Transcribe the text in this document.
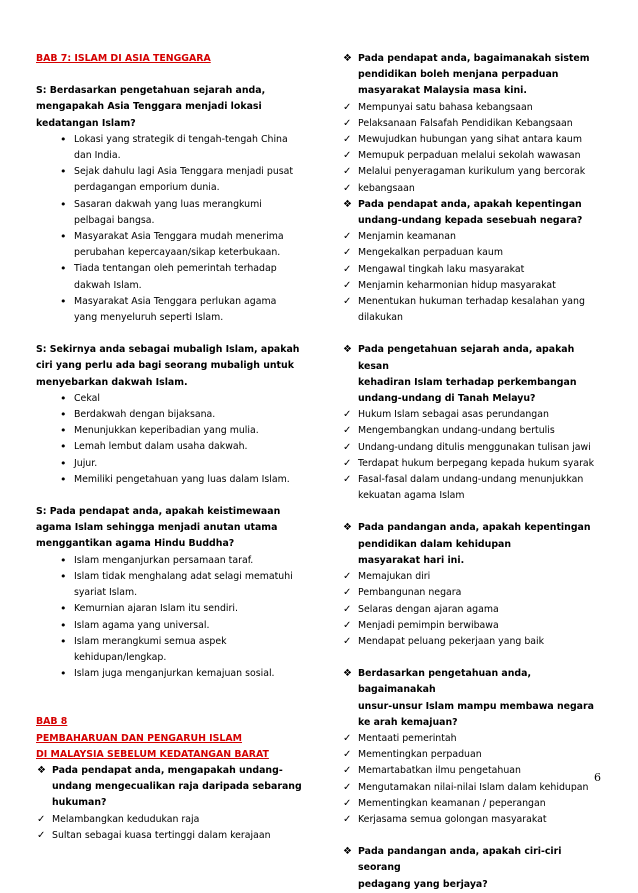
BAB 7: ISLAM DI ASIA TENGGARA
S: Berdasarkan pengetahuan sejarah anda,
mengapakah Asia Tenggara menjadi lokasi
kedatangan Islam?
• Lokasi yang strategik di tengah-tengah China
dan India.
• Sejak dahulu lagi Asia Tenggara menjadi pusat
perdagangan emporium dunia.
• Sasaran dakwah yang luas merangkumi
pelbagai bangsa.
• Masyarakat Asia Tenggara mudah menerima
perubahan kepercayaan/sikap keterbukaan.
• Tiada tentangan oleh pemerintah terhadap
dakwah Islam.
• Masyarakat Asia Tenggara perlukan agama
yang menyeluruh seperti Islam.
S: Sekirnya anda sebagai mubaligh Islam, apakah
ciri yang perlu ada bagi seorang mubaligh untuk
menyebarkan dakwah Islam.
• Cekal
• Berdakwah dengan bijaksana.
• Menunjukkan keperibadian yang mulia.
• Lemah lembut dalam usaha dakwah.
• Jujur.
• Memiliki pengetahuan yang luas dalam Islam.
S: Pada pendapat anda, apakah keistimewaan
agama Islam sehingga menjadi anutan utama
menggantikan agama Hindu Buddha?
• Islam menganjurkan persamaan taraf.
• Islam tidak menghalang adat selagi mematuhi
syariat Islam.
• Kemurnian ajaran Islam itu sendiri.
• Islam agama yang universal.
• Islam merangkumi semua aspek
kehidupan/lengkap.
• Islam juga menganjurkan kemajuan sosial.
BAB 8
PEMBAHARUAN DAN PENGARUH ISLAM
DI MALAYSIA SEBELUM KEDATANGAN BARAT
❖ Pada pendapat anda, mengapakah undang-
undang mengecualikan raja daripada sebarang
hukuman?
✓ Melambangkan kedudukan raja
✓ Sultan sebagai kuasa tertinggi dalam kerajaan
❖ Pada pendapat anda, bagaimanakah sistem
pendidikan boleh menjana perpaduan
masyarakat Malaysia masa kini.
✓ Mempunyai satu bahasa kebangsaan
✓ Pelaksanaan Falsafah Pendidikan Kebangsaan
✓ Mewujudkan hubungan yang sihat antara kaum
✓ Memupuk perpaduan melalui sekolah wawasan
✓ Melalui penyeragaman kurikulum yang bercorak
✓ kebangsaan
❖ Pada pendapat anda, apakah kepentingan
undang-undang kepada sesebuah negara?
✓ Menjamin keamanan
✓ Mengekalkan perpaduan kaum
✓ Mengawal tingkah laku masyarakat
✓ Menjamin keharmonian hidup masyarakat
✓ Menentukan hukuman terhadap kesalahan yang
dilakukan
❖ Pada pengetahuan sejarah anda, apakah kesan
kehadiran Islam terhadap perkembangan
undang-undang di Tanah Melayu?
✓ Hukum Islam sebagai asas perundangan
✓ Mengembangkan undang-undang bertulis
✓ Undang-undang ditulis menggunakan tulisan jawi
✓ Terdapat hukum berpegang kepada hukum syarak
✓ Fasal-fasal dalam undang-undang menunjukkan
kekuatan agama Islam
❖ Pada pandangan anda, apakah kepentingan
pendidikan dalam kehidupan
masyarakat hari ini.
✓ Memajukan diri
✓ Pembangunan negara
✓ Selaras dengan ajaran agama
✓ Menjadi pemimpin berwibawa
✓ Mendapat peluang pekerjaan yang baik
❖ Berdasarkan pengetahuan anda, bagaimanakah
unsur-unsur Islam mampu membawa negara
ke arah kemajuan?
✓ Mentaati pemerintah
✓ Mementingkan perpaduan
✓ Memartabatkan ilmu pengetahuan
✓ Mengutamakan nilai-nilai Islam dalam kehidupan
✓ Mementingkan keamanan / peperangan
✓ Kerjasama semua golongan masyarakat
❖ Pada pandangan anda, apakah ciri-ciri seorang
pedagang yang berjaya?
6
